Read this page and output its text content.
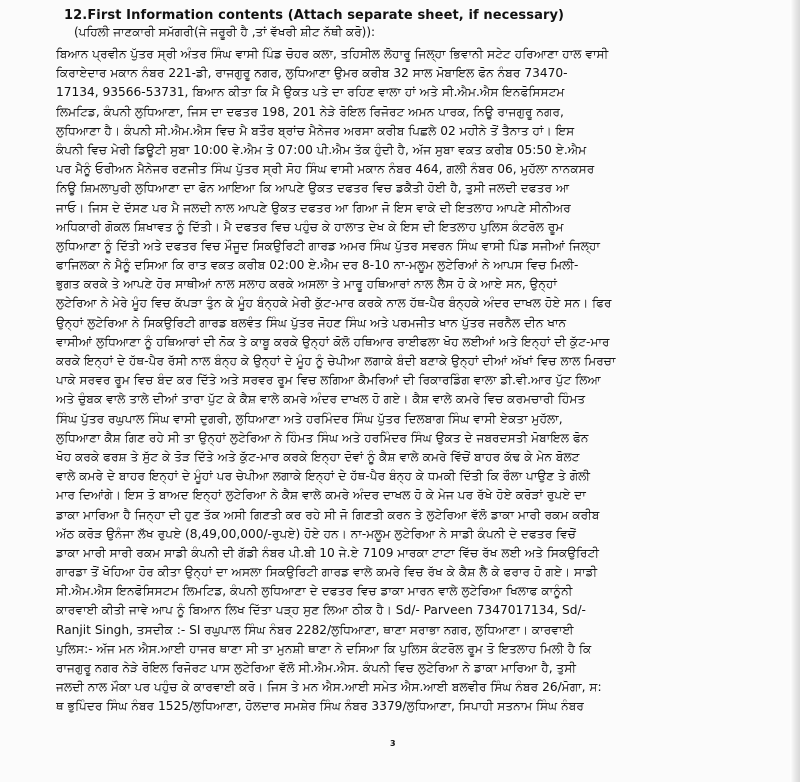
12.First Information contents (Attach separate sheet, if necessary)
(ਪਹਿਲੀ ਜਾਣਕਾਰੀ ਸਮੱਗਰੀ(ਜੇ ਜਰੂਰੀ ਹੈ ,ਤਾਂ ਵੱਖਰੀ ਸ਼ੀਟ ਨੱਥੀ ਕਰੋ)):
ਬਿਆਨ ਪ੍ਰਵੀਨ ਪੁੱਤਰ ਸ੍ਰੀ ਅੰਤਰ ਸਿੰਘ ਵਾਸੀ ਪਿੰਡ ਚੋਹਰ ਕਲਾ, ਤਹਿਸੀਲ ਲੋਹਾਰੂ ਜਿਲ੍ਹਾ ਭਿਵਾਨੀ ਸਟੇਟ ਹਰਿਆਣਾ ਹਾਲ ਵਾਸੀ
ਕਿਰਾਏਦਾਰ ਮਕਾਨ ਨੰਬਰ 221-ਡੀ, ਰਾਜਗੁਰੂ ਨਗਰ, ਲੁਧਿਆਣਾ ਉਮਰ ਕਰੀਬ 32 ਸਾਲ ਮੋਬਾਇਲ ਫੋਨ ਨੰਬਰ 73470-
17134, 93566-53731, ਬਿਆਨ ਕੀਤਾ ਕਿ ਮੈ ਉਕਤ ਪਤੇ ਦਾ ਰਹਿਣ ਵਾਲਾ ਹਾਂ ਅਤੇ ਸੀ.ਐਮ.ਐਸ ਇਨਫੋਸਿਸਟਮ
ਲਿਮਟਿਡ, ਕੰਪਨੀ ਲੁਧਿਆਣਾ, ਜਿਸ ਦਾ ਦਫਤਰ 198, 201 ਨੇੜੇ ਰੋਇਲ ਰਿਜੋਰਟ ਅਮਨ ਪਾਰਕ, ਨਿਊ ਰਾਜਗੁਰੂ ਨਗਰ,
ਲੁਧਿਆਣਾ ਹੈ। ਕੰਪਨੀ ਸੀ.ਐਮ.ਐਸ ਵਿਚ ਮੈ ਬਤੌਰ ਬ੍ਰਾਂਚ ਮੈਨੇਜਰ ਅਰਸਾ ਕਰੀਬ ਪਿਛਲੇ 02 ਮਹੀਨੇ ਤੋਂ ਤੈਨਾਤ ਹਾਂ। ਇਸ
ਕੰਪਨੀ ਵਿਚ ਮੇਰੀ ਡਿਊਟੀ ਸੁਬਾ 10:00 ਵੇ.ਐਮ ਤੋ 07:00 ਪੀ.ਐਮ ਤੱਕ ਹੁੰਦੀ ਹੈ, ਅੱਜ ਸੁਬਾ ਵਕਤ ਕਰੀਬ 05:50 ਏ.ਐਮ
ਪਰ ਮੈਨੂੰ ਓਰੀਅਨ ਮੈਨੇਜਰ ਰਣਜੀਤ ਸਿੰਘ ਪੁੱਤਰ ਸ੍ਰੀ ਸੋਹ ਸਿੰਘ ਵਾਸੀ ਮਕਾਨ ਨੰਬਰ 464, ਗਲੀ ਨੰਬਰ 06, ਮੁਹੱਲਾ ਨਾਨਕਸਰ
ਨਿਊ ਸ਼ਿਮਲਾਪੁਰੀ ਲੁਧਿਆਣਾ ਦਾ ਫੋਨ ਆਇਆ ਕਿ ਆਪਣੇ ਉਕਤ ਦਫਤਰ ਵਿਚ ਡਕੈਤੀ ਹੋਈ ਹੈ, ਤੁਸੀ ਜਲਦੀ ਦਫਤਰ ਆ
ਜਾਓ। ਜਿਸ ਦੇ ਦੱਸਣ ਪਰ ਮੈ ਜਲਦੀ ਨਾਲ ਆਪਣੇ ਉਕਤ ਦਫਤਰ ਆ ਗਿਆ ਜੋ ਇਸ ਵਾਕੇ ਦੀ ਇਤਲਾਹ ਆਪਣੇ ਸੀਨੀਅਰ
ਅਧਿਕਾਰੀ ਗੋਕਲ ਸ਼ਿਖਾਵਤ ਨੂੰ ਦਿੱਤੀ। ਮੈ ਦਫਤਰ ਵਿਚ ਪਹੁੰਚ ਕੇ ਹਾਲਾਤ ਦੇਖ ਕੇ ਇਸ ਦੀ ਇਤਲਾਹ ਪੁਲਿਸ ਕੰਟਰੋਲ ਰੂਮ
ਲੁਧਿਆਣਾ ਨੂੰ ਦਿੱਤੀ ਅਤੇ ਦਫਤਰ ਵਿਚ ਮੌਜੂਦ ਸਿਕਉਰਿਟੀ ਗਾਰਡ ਅਮਰ ਸਿੰਘ ਪੁੱਤਰ ਸਵਰਨ ਸਿੰਘ ਵਾਸੀ ਪਿੰਡ ਸਜੀਆਂ ਜਿਲ੍ਹਾ
ਫਾਜਿਲਕਾ ਨੇ ਮੈਨੂੰ ਦਸਿਆ ਕਿ ਰਾਤ ਵਕਤ ਕਰੀਬ 02:00 ਏ.ਐਮ ਦਰ 8-10 ਨਾ-ਮਲੂਮ ਲੁਟੇਰਿਆਂ ਨੇ ਆਪਸ ਵਿਚ ਮਿਲੀ-
ਭੁਗਤ ਕਰਕੇ ਤੇ ਆਪਣੇ ਹੋਰ ਸਾਥੀਆਂ ਨਾਲ ਸਲਾਹ ਕਰਕੇ ਅਸਲਾ ਤੇ ਮਾਰੂ ਹਥਿਆਰਾਂ ਨਾਲ ਲੈਸ ਹੋ ਕੇ ਆਏ ਸਨ, ਉਨ੍ਹਾਂ
ਲੁਟੇਰਿਆ ਨੇ ਮੇਰੇ ਮੂੰਹ ਵਿਚ ਕੱਪੜਾ ਤੁੰਨ ਕੇ ਮੂੰਹ ਬੰਨ੍ਹਕੇ ਮੇਰੀ ਕੁੱਟ-ਮਾਰ ਕਰਕੇ ਨਾਲ ਹੱਥ-ਪੈਰ ਬੰਨ੍ਹਕੇ ਅੰਦਰ ਦਾਖਲ ਹੋਏ ਸਨ। ਫਿਰ
ਉਨ੍ਹਾਂ ਲੁਟੇਰਿਆ ਨੇ ਸਿਕਉਰਿਟੀ ਗਾਰਡ ਬਲਵੰਤ ਸਿੰਘ ਪੁੱਤਰ ਜੋਹਣ ਸਿੰਘ ਅਤੇ ਪਰਮਜੀਤ ਖਾਨ ਪੁੱਤਰ ਜਰਨੈਲ ਦੀਨ ਖਾਨ
ਵਾਸੀਆਂ ਲੁਧਿਆਣਾ ਨੂੰ ਹਥਿਆਰਾਂ ਦੀ ਨੋਕ ਤੇ ਕਾਬੂ ਕਰਕੇ ਉਨ੍ਹਾਂ ਕੋਲੋ ਹਥਿਆਰ ਰਾਈਫਲਾ ਖੋਹ ਲਈਆਂ ਅਤੇ ਇਨ੍ਹਾਂ ਦੀ ਕੁੱਟ-ਮਾਰ
ਕਰਕੇ ਇਨ੍ਹਾਂ ਦੇ ਹੱਥ-ਪੈਰ ਰੱਸੀ ਨਾਲ ਬੰਨ੍ਹ ਕੇ ਉਨ੍ਹਾਂ ਦੇ ਮੂੰਹ ਨੂੰ ਚੇਪੀਆ ਲਗਾਕੇ ਬੰਦੀ ਬਣਾਕੇ ਉਨ੍ਹਾਂ ਦੀਆਂ ਅੱਖਾਂ ਵਿਚ ਲਾਲ ਮਿਰਚਾ
ਪਾਕੇ ਸਰਵਰ ਰੂਮ ਵਿਚ ਬੰਦ ਕਰ ਦਿੱਤੇ ਅਤੇ ਸਰਵਰ ਰੂਮ ਵਿਚ ਲਗਿਆ ਕੈਮਰਿਆਂ ਦੀ ਰਿਕਾਰਡਿੰਗ ਵਾਲਾ ਡੀ.ਵੀ.ਆਰ ਪੁੱਟ ਲਿਆ
ਅਤੇ ਚੁੰਬਕ ਵਾਲੇ ਤਾਲੇ ਦੀਆਂ ਤਾਰਾ ਪੁੱਟ ਕੇ ਕੈਸ਼ ਵਾਲੇ ਕਮਰੇ ਅੰਦਰ ਦਾਖਲ ਹੋ ਗਏ। ਕੈਸ਼ ਵਾਲੇ ਕਮਰੇ ਵਿਚ ਕਰਮਚਾਰੀ ਹਿੰਮਤ
ਸਿੰਘ ਪੁੱਤਰ ਰਘੁਪਾਲ ਸਿੰਘ ਵਾਸੀ ਦੁਗਰੀ, ਲੁਧਿਆਣਾ ਅਤੇ ਹਰਮਿੰਦਰ ਸਿੰਘ ਪੁੱਤਰ ਦਿਲਬਾਗ ਸਿੰਘ ਵਾਸੀ ਏਕਤਾ ਮੁਹੱਲਾ,
ਲੁਧਿਆਣਾ ਕੈਸ਼ ਗਿਣ ਰਹੇ ਸੀ ਤਾ ਉਨ੍ਹਾਂ ਲੁਟੇਰਿਆ ਨੇ ਹਿੰਮਤ ਸਿੰਘ ਅਤੇ ਹਰਮਿੰਦਰ ਸਿੰਘ ਉਕਤ ਦੇ ਜਬਰਦਸਤੀ ਮੋਬਾਇਲ ਫੋਨ
ਖੋਹ ਕਰਕੇ ਫਰਸ਼ ਤੇ ਸੁੱਟ ਕੇ ਤੋੜ ਦਿੱਤੇ ਅਤੇ ਕੁੱਟ-ਮਾਰ ਕਰਕੇ ਇਨ੍ਹਾ ਦੋਵਾਂ ਨੂੰ ਕੈਸ਼ ਵਾਲੇ ਕਮਰੇ ਵਿੱਚੋਂ ਬਾਹਰ ਕੱਢ ਕੇ ਮੇਨ ਬੋਲਟ
ਵਾਲੇ ਕਮਰੇ ਦੇ ਬਾਹਰ ਇਨ੍ਹਾਂ ਦੇ ਮੂੰਹਾਂ ਪਰ ਚੇਪੀਆ ਲਗਾਕੇ ਇਨ੍ਹਾਂ ਦੇ ਹੱਥ-ਪੈਰ ਬੰਨ੍ਹ ਕੇ ਧਮਕੀ ਦਿੱਤੀ ਕਿ ਰੌਲਾ ਪਾਉਣ ਤੇ ਗੋਲੀ
ਮਾਰ ਦਿਆਂਗੇ। ਇਸ ਤੋ ਬਾਅਦ ਇਨ੍ਹਾਂ ਲੁਟੇਰਿਆ ਨੇ ਕੈਸ਼ ਵਾਲੇ ਕਮਰੇ ਅੰਦਰ ਦਾਖਲ ਹੋ ਕੇ ਮੇਜ ਪਰ ਰੱਖੇ ਹੋਏ ਕਰੋੜਾਂ ਰੁਪਏ ਦਾ
ਡਾਕਾ ਮਾਰਿਆ ਹੈ ਜਿਨ੍ਹਾ ਦੀ ਹੁਣ ਤੱਕ ਅਸੀ ਗਿਣਤੀ ਕਰ ਰਹੇ ਸੀ ਜੋ ਗਿਣਤੀ ਕਰਨ ਤੇ ਲੁਟੇਰਿਆ ਵੱਲੋ ਡਾਕਾ ਮਾਰੀ ਰਕਮ ਕਰੀਬ
ਅੱਠ ਕਰੋੜ ਉਨੰਜਾ ਲੱਖ ਰੁਪਏ (8,49,00,000/-ਰੁਪਏ) ਹੋਏ ਹਨ। ਨਾ-ਮਲੂਮ ਲੁਟੇਰਿਆ ਨੇ ਸਾਡੀ ਕੰਪਨੀ ਦੇ ਦਫਤਰ ਵਿਚੋਂ
ਡਾਕਾ ਮਾਰੀ ਸਾਰੀ ਰਕਮ ਸਾਡੀ ਕੰਪਨੀ ਦੀ ਗੱਡੀ ਨੰਬਰ ਪੀ.ਬੀ 10 ਜੇ.ਏ 7109 ਮਾਰਕਾ ਟਾਟਾ ਵਿੱਚ ਰੱਖ ਲਈ ਅਤੇ ਸਿਕਉਰਿਟੀ
ਗਾਰਡਾ ਤੋਂ ਖੋਹਿਆ ਹੋਰ ਕੀਤਾ ਉਨ੍ਹਾਂ ਦਾ ਅਸਲਾ ਸਿਕਉਰਿਟੀ ਗਾਰਡ ਵਾਲੇ ਕਮਰੇ ਵਿਚ ਰੱਖ ਕੇ ਕੈਸ਼ ਲੈ ਕੇ ਫਰਾਰ ਹੋ ਗਏ। ਸਾਡੀ
ਸੀ.ਐਮ.ਐਸ ਇਨਫੋਸਿਸਟਮ ਲਿਮਟਿਡ, ਕੰਪਨੀ ਲੁਧਿਆਣਾ ਦੇ ਦਫਤਰ ਵਿਚ ਡਾਕਾ ਮਾਰਨ ਵਾਲੇ ਲੁਟੇਰਿਆ ਖਿਲਾਫ ਕਾਨੂੰਨੀ
ਕਾਰਵਾਈ ਕੀਤੀ ਜਾਵੇ ਆਪ ਨੂੰ ਬਿਆਨ ਲਿਖ ਦਿੱਤਾ ਪੜ੍ਹ ਸੁਣ ਲਿਆ ਠੀਕ ਹੈ। Sd/- Parveen 7347017134, Sd/-
Ranjit Singh, ਤਸਦੀਕ :- SI ਰਘੁਪਾਲ ਸਿੰਘ ਨੰਬਰ 2282/ਲੁਧਿਆਣਾ, ਥਾਣਾ ਸਰਾਭਾ ਨਗਰ, ਲੁਧਿਆਣਾ। ਕਾਰਵਾਈ
ਪੁਲਿਸ:- ਅੱਜ ਮਨ ਐਸ.ਆਈ ਹਾਜਰ ਥਾਣਾ ਸੀ ਤਾ ਮੁਨਸ਼ੀ ਥਾਣਾ ਨੇ ਦਸਿਆ ਕਿ ਪੁਲਿਸ ਕੰਟਰੋਲ ਰੂਮ ਤੋ ਇਤਲਾਹ ਮਿਲੀ ਹੈ ਕਿ
ਰਾਜਗੁਰੂ ਨਗਰ ਨੇੜੇ ਰੋਇਲ ਰਿਜੋਰਟ ਪਾਸ ਲੁਟੇਰਿਆ ਵੱਲੋ ਸੀ.ਐਮ.ਐਸ. ਕੰਪਨੀ ਵਿਚ ਲੁਟੇਰਿਆ ਨੇ ਡਾਕਾ ਮਾਰਿਆ ਹੈ, ਤੁਸੀ
ਜਲਦੀ ਨਾਲ ਮੌਕਾ ਪਰ ਪਹੁੰਚ ਕੇ ਕਾਰਵਾਈ ਕਰੋ। ਜਿਸ ਤੇ ਮਨ ਐਸ.ਆਈ ਸਮੇਤ ਐਸ.ਆਈ ਬਲਵੀਰ ਸਿੰਘ ਨੰਬਰ 26/ਮੋਗਾ, ਸ:
ਥ ਭੁਪਿੰਦਰ ਸਿੰਘ ਨੰਬਰ 1525/ਲੁਧਿਆਣਾ, ਹੋਲਦਾਰ ਸਮਸ਼ੇਰ ਸਿੰਘ ਨੰਬਰ 3379/ਲੁਧਿਆਣਾ, ਸਿਪਾਹੀ ਸਤਨਾਮ ਸਿੰਘ ਨੰਬਰ
3
